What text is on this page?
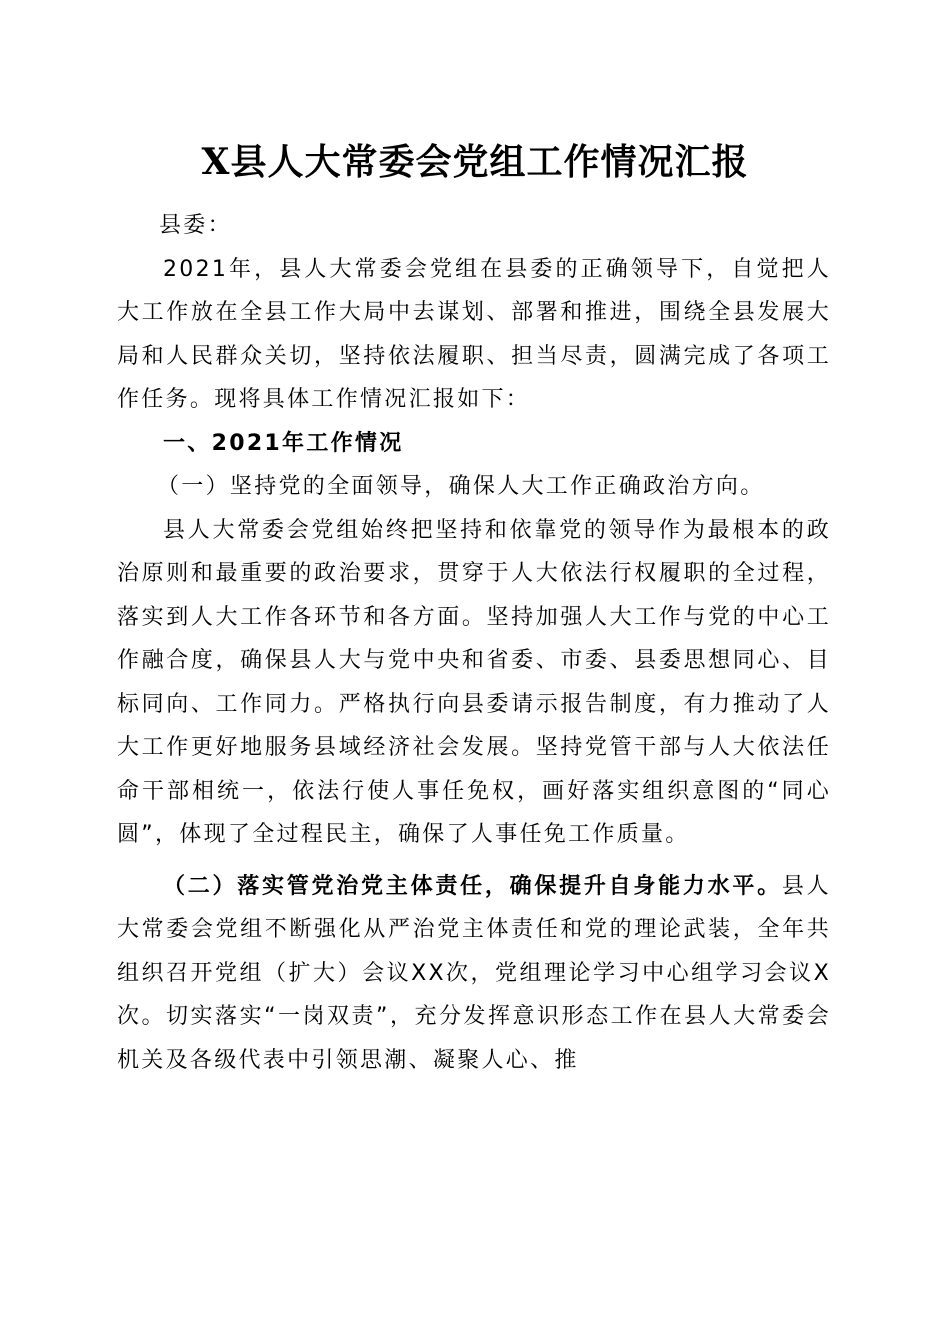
X县人大常委会党组工作情况汇报

县委：

2021年，县人大常委会党组在县委的正确领导下，自觉把人大工作放在全县工作大局中去谋划、部署和推进，围绕全县发展大局和人民群众关切，坚持依法履职、担当尽责，圆满完成了各项工作任务。现将具体工作情况汇报如下：

一、2021年工作情况

（一）坚持党的全面领导，确保人大工作正确政治方向。

县人大常委会党组始终把坚持和依靠党的领导作为最根本的政治原则和最重要的政治要求，贯穿于人大依法行权履职的全过程，落实到人大工作各环节和各方面。坚持加强人大工作与党的中心工作融合度，确保县人大与党中央和省委、市委、县委思想同心、目标同向、工作同力。严格执行向县委请示报告制度，有力推动了人大工作更好地服务县域经济社会发展。坚持党管干部与人大依法任命干部相统一，依法行使人事任免权，画好落实组织意图的“同心圆”，体现了全过程民主，确保了人事任免工作质量。

（二）落实管党治党主体责任，确保提升自身能力水平。县人大常委会党组不断强化从严治党主体责任和党的理论武装，全年共组织召开党组（扩大）会议XX次，党组理论学习中心组学习会议X次。切实落实“一岗双责”，充分发挥意识形态工作在县人大常委会机关及各级代表中引领思潮、凝聚人心、推
